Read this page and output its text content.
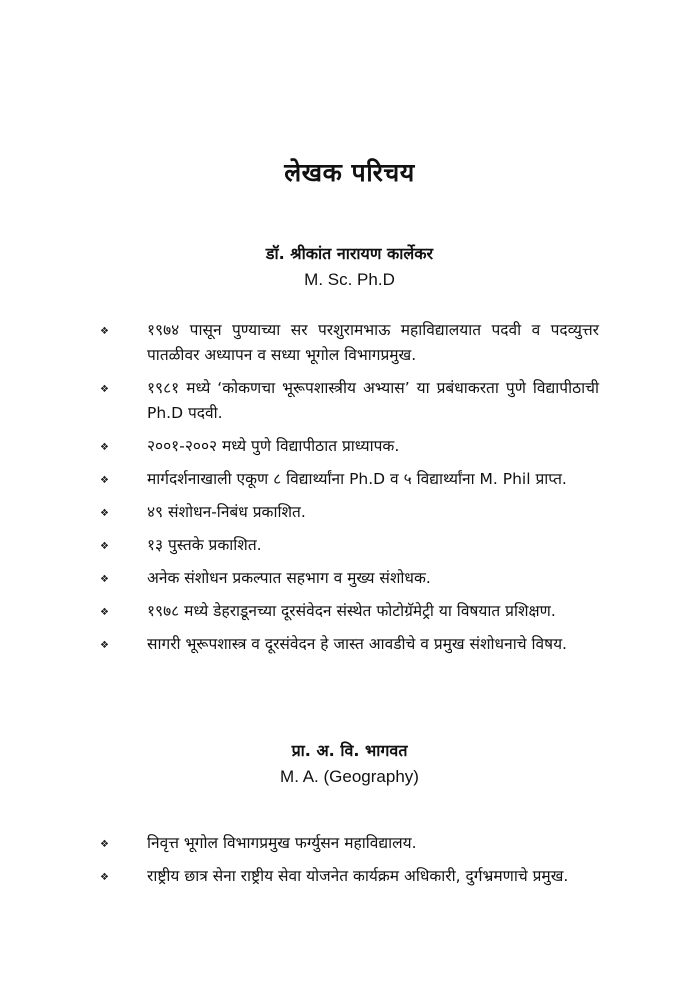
लेखक परिचय
डॉ. श्रीकांत नारायण कार्लेकर
M. Sc. Ph.D
❖	१९७४ पासून पुण्याच्या सर परशुरामभाऊ महाविद्यालयात पदवी व पदव्युत्तर पातळीवर अध्यापन व सध्या भूगोल विभागप्रमुख.
❖	१९८१ मध्ये ‘कोकणचा भूरूपशास्त्रीय अभ्यास’ या प्रबंधाकरता पुणे विद्यापीठाची Ph.D पदवी.
❖	२००१-२००२ मध्ये पुणे विद्यापीठात प्राध्यापक.
❖	मार्गदर्शनाखाली एकूण ८ विद्यार्थ्यांना Ph.D व ५ विद्यार्थ्यांना M. Phil प्राप्त.
❖	४९ संशोधन-निबंध प्रकाशित.
❖	१३ पुस्तके प्रकाशित.
❖	अनेक संशोधन प्रकल्पात सहभाग व मुख्य संशोधक.
❖	१९७८ मध्ये डेहराडूनच्या दूरसंवेदन संस्थेत फोटोग्रॅमेट्री या विषयात प्रशिक्षण.
❖	सागरी भूरूपशास्त्र व दूरसंवेदन हे जास्त आवडीचे व प्रमुख संशोधनाचे विषय.
प्रा. अ. वि. भागवत
M. A. (Geography)
❖	निवृत्त भूगोल विभागप्रमुख फर्ग्युसन महाविद्यालय.
❖	राष्ट्रीय छात्र सेना राष्ट्रीय सेवा योजनेत कार्यक्रम अधिकारी, दुर्गभ्रमणाचे प्रमुख.
